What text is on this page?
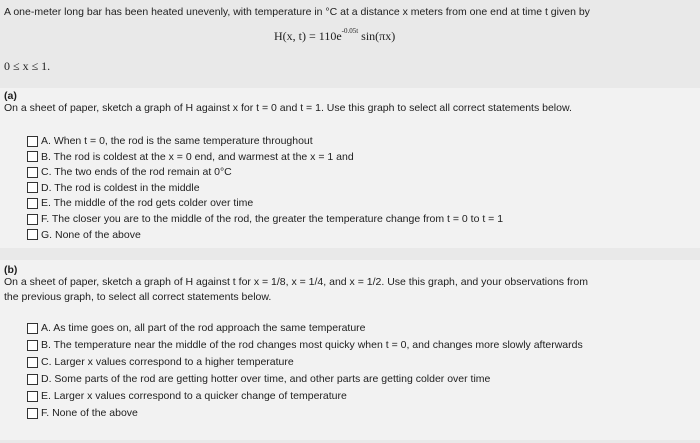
A one-meter long bar has been heated unevenly, with temperature in °C at a distance x meters from one end at time t given by
H(x, $t) = 110e^{-0.05t}$ sin(πx)
0 ≤ x ≤ 1.
(a)
On a sheet of paper, sketch a graph of H against x for t = 0 and t = 1. Use this graph to select all correct statements below.
A. When t = 0, the rod is the same temperature throughout
B. The rod is coldest at the x = 0 end, and warmest at the x = 1 and
C. The two ends of the rod remain at 0°C
D. The rod is coldest in the middle
E. The middle of the rod gets colder over time
F. The closer you are to the middle of the rod, the greater the temperature change from t = 0 to t = 1
G. None of the above
(b)
On a sheet of paper, sketch a graph of H against t for x = 1/8, x = 1/4, and x = 1/2. Use this graph, and your observations from
the previous graph, to select all correct statements below.
A. As time goes on, all part of the rod approach the same temperature
B. The temperature near the middle of the rod changes most quicky when t = 0, and changes more slowly afterwards
C. Larger x values correspond to a higher temperature
D. Some parts of the rod are getting hotter over time, and other parts are getting colder over time
E. Larger x values correspond to a quicker change of temperature
F. None of the above
